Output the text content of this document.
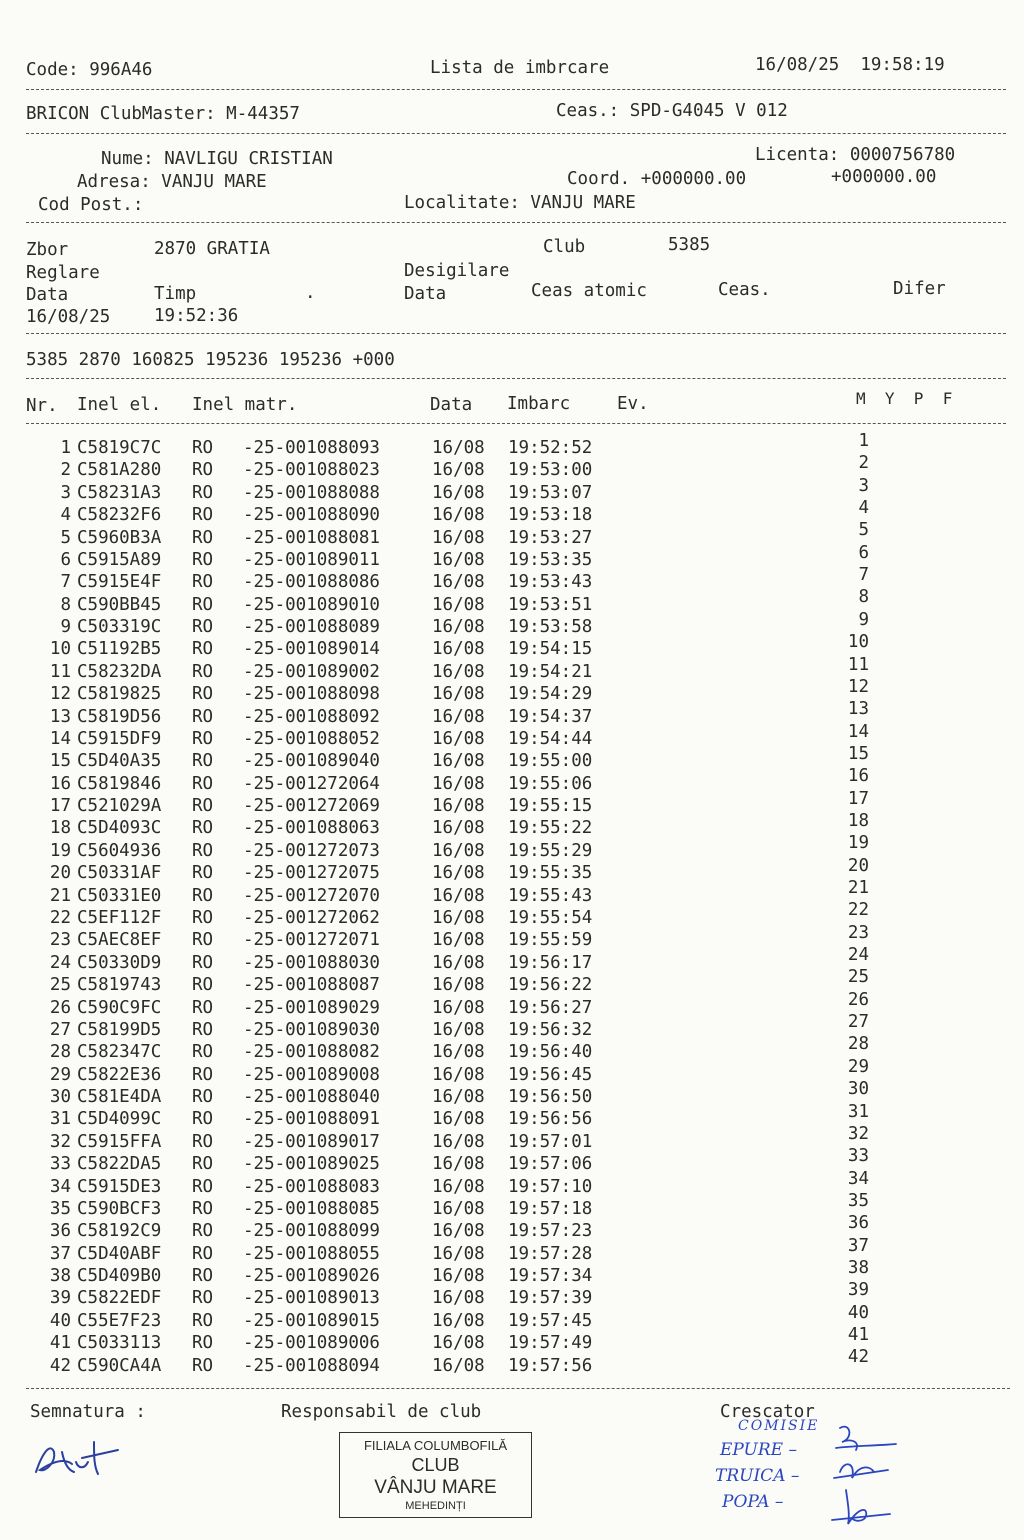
Code: 996A46	Lista de imbrcare	16/08/25  19:58:19
BRICON ClubMaster: M-44357	Ceas.: SPD-G4045 V 012
Nume: NAVLIGU CRISTIAN	Licenta: 0000756780
Adresa: VANJU MARE	Coord. +000000.00	+000000.00
Cod Post.:	Localitate: VANJU MARE
Zbor	2870 GRATIA	Club	5385
Reglare	Desigilare
Data	Timp	.	Data	Ceas atomic	Ceas.	Difer
16/08/25 19:52:36
5385 2870 160825 195236 195236 +000
Nr. Inel el. Inel matr.	Data Imbarc	Ev.	M  Y  P  F
1 C5819C7C RO -25-001088093	16/08 19:52:52	1
2 C581A280 RO -25-001088023	16/08 19:53:00	2
3 C58231A3 RO -25-001088088	16/08 19:53:07	3
4 C58232F6 RO -25-001088090	16/08 19:53:18	4
5 C5960B3A RO -25-001088081	16/08 19:53:27	5
6 C5915A89 RO -25-001089011	16/08 19:53:35	6
7 C5915E4F RO -25-001088086	16/08 19:53:43	7
8 C590BB45 RO -25-001089010	16/08 19:53:51	8
9 C503319C RO -25-001088089	16/08 19:53:58	9
10 C51192B5 RO -25-001089014	16/08 19:54:15	10
11 C58232DA RO -25-001089002	16/08 19:54:21	11
12 C5819825 RO -25-001088098	16/08 19:54:29	12
13 C5819D56 RO -25-001088092	16/08 19:54:37	13
14 C5915DF9 RO -25-001088052	16/08 19:54:44	14
15 C5D40A35 RO -25-001089040	16/08 19:55:00	15
16 C5819846 RO -25-001272064	16/08 19:55:06	16
17 C521029A RO -25-001272069	16/08 19:55:15	17
18 C5D4093C RO -25-001088063	16/08 19:55:22	18
19 C5604936 RO -25-001272073	16/08 19:55:29	19
20 C50331AF RO -25-001272075	16/08 19:55:35	20
21 C50331E0 RO -25-001272070	16/08 19:55:43	21
22 C5EF112F RO -25-001272062	16/08 19:55:54	22
23 C5AEC8EF RO -25-001272071	16/08 19:55:59	23
24 C50330D9 RO -25-001088030	16/08 19:56:17	24
25 C5819743 RO -25-001088087	16/08 19:56:22	25
26 C590C9FC RO -25-001089029	16/08 19:56:27	26
27 C58199D5 RO -25-001089030	16/08 19:56:32	27
28 C582347C RO -25-001088082	16/08 19:56:40	28
29 C5822E36 RO -25-001089008	16/08 19:56:45	29
30 C581E4DA RO -25-001088040	16/08 19:56:50	30
31 C5D4099C RO -25-001088091	16/08 19:56:56	31
32 C5915FFA RO -25-001089017	16/08 19:57:01	32
33 C5822DA5 RO -25-001089025	16/08 19:57:06	33
34 C5915DE3 RO -25-001088083	16/08 19:57:10	34
35 C590BCF3 RO -25-001088085	16/08 19:57:18	35
36 C58192C9 RO -25-001088099	16/08 19:57:23	36
37 C5D40ABF RO -25-001088055	16/08 19:57:28	37
38 C5D409B0 RO -25-001089026	16/08 19:57:34	38
39 C5822EDF RO -25-001089013	16/08 19:57:39	39
40 C55E7F23 RO -25-001089015	16/08 19:57:45	40
41 C5033113 RO -25-001089006	16/08 19:57:49	41
42 C590CA4A RO -25-001088094	16/08 19:57:56	42
Semnatura :	Responsabil de club	Crescator
FILIALA COLUMBOFILĂ
CLUB
VÂNJU MARE
MEHEDINȚI
COMISIE
EPURE –
TRUICA –
POPA –
